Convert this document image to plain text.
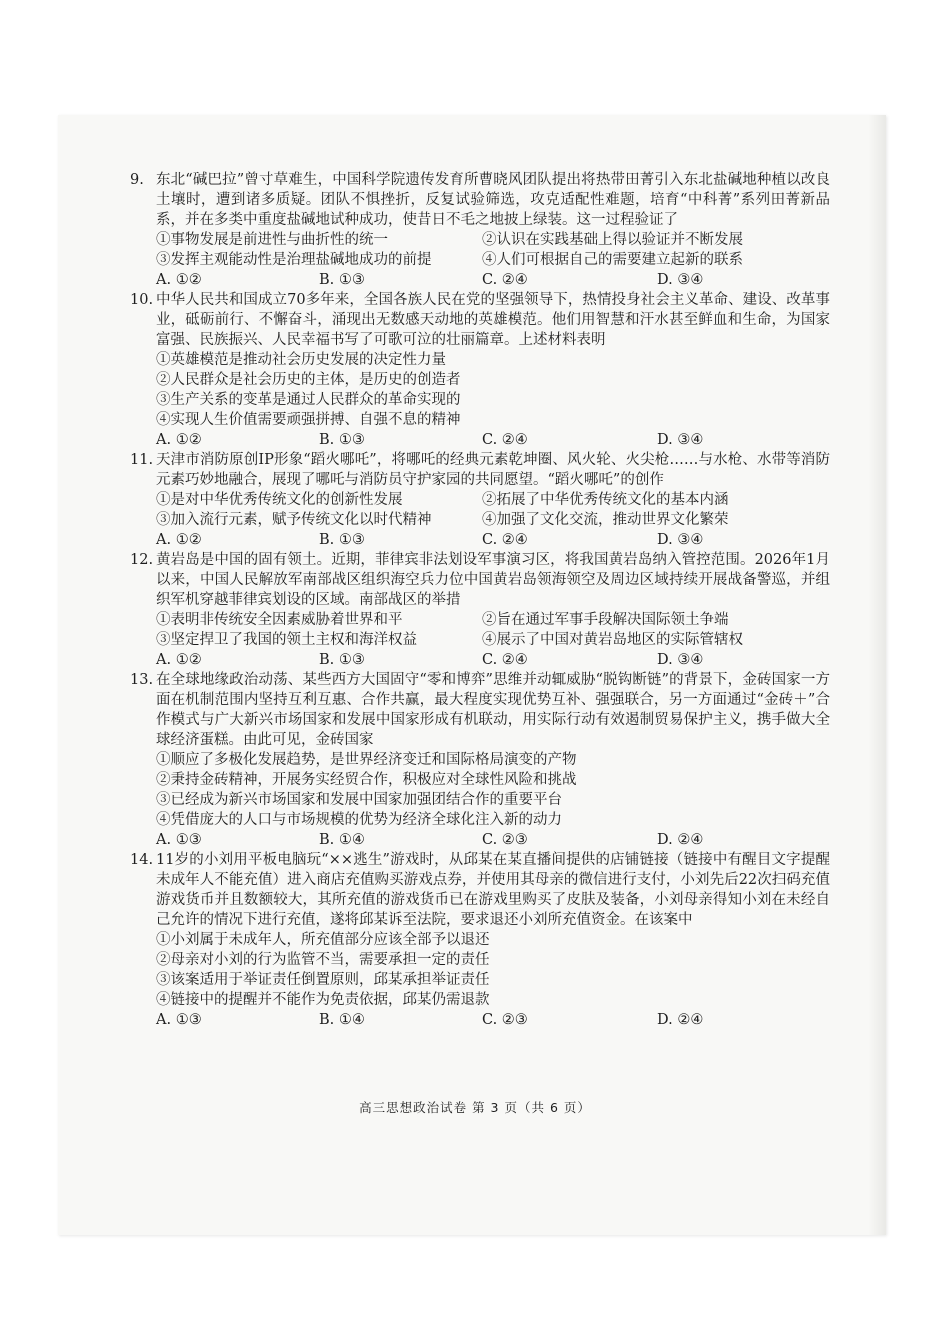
9. 东北“碱巴拉”曾寸草难生，中国科学院遗传发育所曹晓风团队提出将热带田菁引入东北盐碱地种植以改良土壤时，遭到诸多质疑。团队不惧挫折，反复试验筛选，攻克适配性难题，培育“中科菁”系列田菁新品系，并在多类中重度盐碱地试种成功，使昔日不毛之地披上绿装。这一过程验证了
①事物发展是前进性与曲折性的统一	②认识在实践基础上得以验证并不断发展
③发挥主观能动性是治理盐碱地成功的前提	④人们可根据自己的需要建立起新的联系
A. ①②	B. ①③	C. ②④	D. ③④
10. 中华人民共和国成立70多年来，全国各族人民在党的坚强领导下，热情投身社会主义革命、建设、改革事业，砥砺前行、不懈奋斗，涌现出无数感天动地的英雄模范。他们用智慧和汗水甚至鲜血和生命，为国家富强、民族振兴、人民幸福书写了可歌可泣的壮丽篇章。上述材料表明
①英雄模范是推动社会历史发展的决定性力量
②人民群众是社会历史的主体，是历史的创造者
③生产关系的变革是通过人民群众的革命实现的
④实现人生价值需要顽强拼搏、自强不息的精神
A. ①②	B. ①③	C. ②④	D. ③④
11. 天津市消防原创IP形象“蹈火哪吒”，将哪吒的经典元素乾坤圈、风火轮、火尖枪……与水枪、水带等消防元素巧妙地融合，展现了哪吒与消防员守护家园的共同愿望。“蹈火哪吒”的创作
①是对中华优秀传统文化的创新性发展	②拓展了中华优秀传统文化的基本内涵
③加入流行元素，赋予传统文化以时代精神	④加强了文化交流，推动世界文化繁荣
A. ①②	B. ①③	C. ②④	D. ③④
12. 黄岩岛是中国的固有领土。近期，菲律宾非法划设军事演习区，将我国黄岩岛纳入管控范围。2026年1月以来，中国人民解放军南部战区组织海空兵力位中国黄岩岛领海领空及周边区域持续开展战备警巡，并组织军机穿越菲律宾划设的区域。南部战区的举措
①表明非传统安全因素威胁着世界和平	②旨在通过军事手段解决国际领土争端
③坚定捍卫了我国的领土主权和海洋权益	④展示了中国对黄岩岛地区的实际管辖权
A. ①②	B. ①③	C. ②④	D. ③④
13. 在全球地缘政治动荡、某些西方大国固守“零和博弈”思维并动辄威胁“脱钩断链”的背景下，金砖国家一方面在机制范围内坚持互利互惠、合作共赢，最大程度实现优势互补、强强联合，另一方面通过“金砖＋”合作模式与广大新兴市场国家和发展中国家形成有机联动，用实际行动有效遏制贸易保护主义，携手做大全球经济蛋糕。由此可见，金砖国家
①顺应了多极化发展趋势，是世界经济变迁和国际格局演变的产物
②秉持金砖精神，开展务实经贸合作，积极应对全球性风险和挑战
③已经成为新兴市场国家和发展中国家加强团结合作的重要平台
④凭借庞大的人口与市场规模的优势为经济全球化注入新的动力
A. ①③	B. ①④	C. ②③	D. ②④
14. 11岁的小刘用平板电脑玩“××逃生”游戏时，从邱某在某直播间提供的店铺链接（链接中有醒目文字提醒未成年人不能充值）进入商店充值购买游戏点券，并使用其母亲的微信进行支付，小刘先后22次扫码充值游戏货币并且数额较大，其所充值的游戏货币已在游戏里购买了皮肤及装备，小刘母亲得知小刘在未经自己允许的情况下进行充值，遂将邱某诉至法院，要求退还小刘所充值资金。在该案中
①小刘属于未成年人，所充值部分应该全部予以退还
②母亲对小刘的行为监管不当，需要承担一定的责任
③该案适用于举证责任倒置原则，邱某承担举证责任
④链接中的提醒并不能作为免责依据，邱某仍需退款
A. ①③	B. ①④	C. ②③	D. ②④
高三思想政治试卷 第 3 页（共 6 页）
